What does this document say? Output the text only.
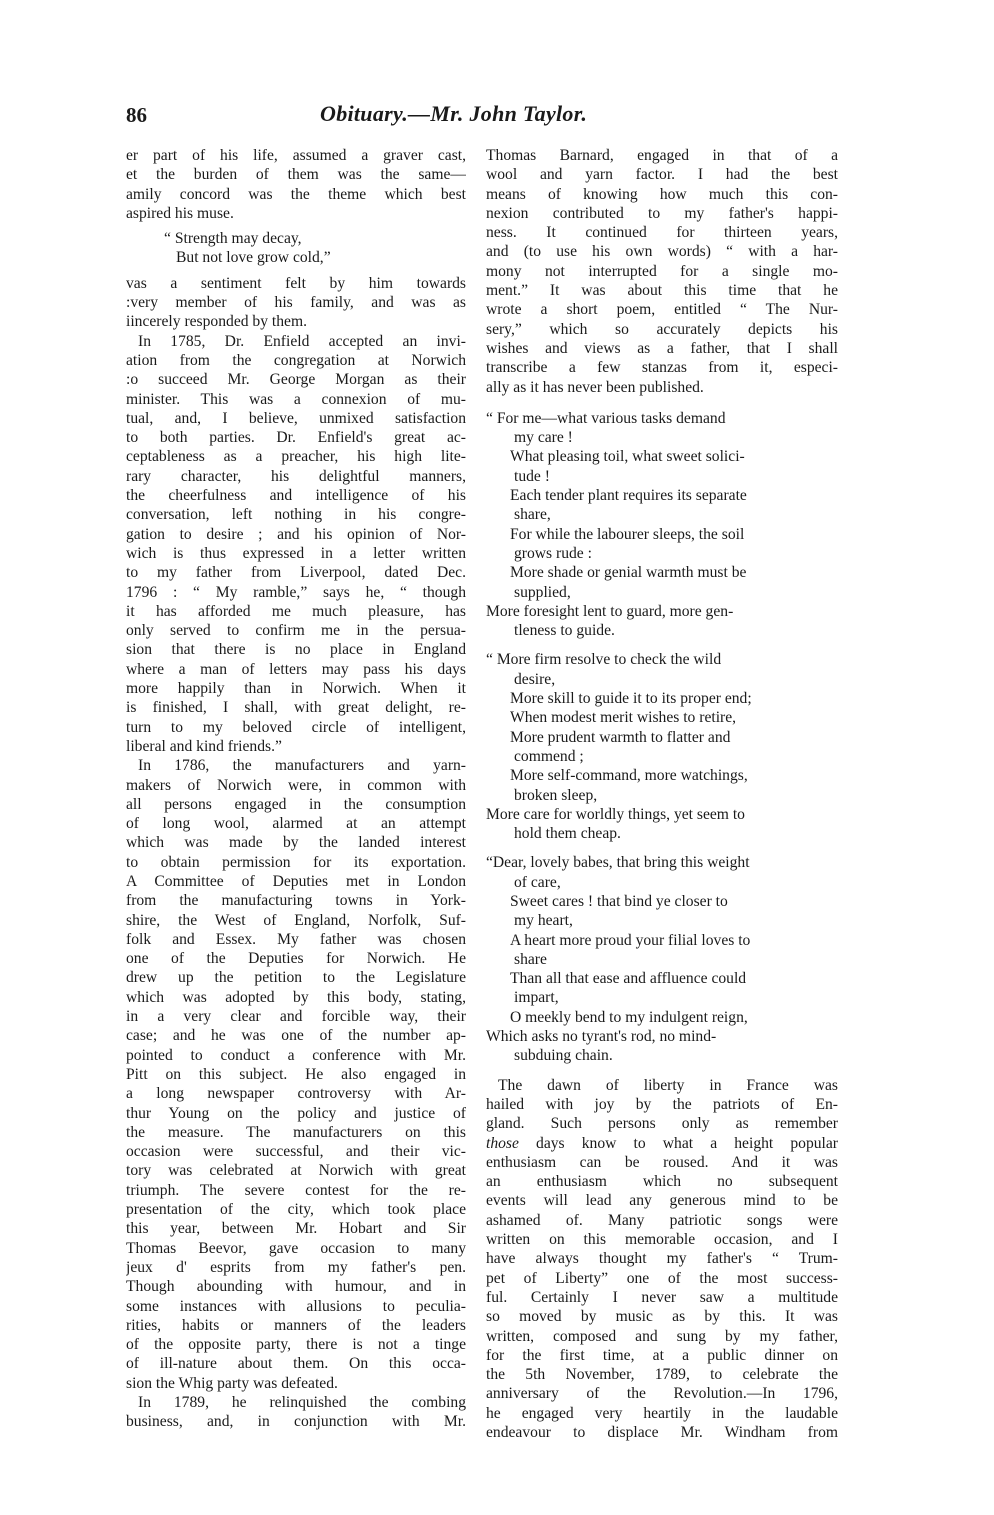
86	Obituary.—Mr. John Taylor.
er part of his life, assumed a graver cast,
et the burden of them was the same—
amily concord was the theme which best
aspired his muse.
“ Strength may decay,
But not love grow cold,”
vas a sentiment felt by him towards
:very member of his family, and was as
iincerely responded by them.
In 1785, Dr. Enfield accepted an invi-
ation from the congregation at Norwich
:o succeed Mr. George Morgan as their
minister. This was a connexion of mu-
tual, and, I believe, unmixed satisfaction
to both parties. Dr. Enfield's great ac-
ceptableness as a preacher, his high lite-
rary character, his delightful manners,
the cheerfulness and intelligence of his
conversation, left nothing in his congre-
gation to desire ; and his opinion of Nor-
wich is thus expressed in a letter written
to my father from Liverpool, dated Dec.
1796 : “ My ramble,” says he, “ though
it has afforded me much pleasure, has
only served to confirm me in the persua-
sion that there is no place in England
where a man of letters may pass his days
more happily than in Norwich. When it
is finished, I shall, with great delight, re-
turn to my beloved circle of intelligent,
liberal and kind friends.”
In 1786, the manufacturers and yarn-
makers of Norwich were, in common with
all persons engaged in the consumption
of long wool, alarmed at an attempt
which was made by the landed interest
to obtain permission for its exportation.
A Committee of Deputies met in London
from the manufacturing towns in York-
shire, the West of England, Norfolk, Suf-
folk and Essex. My father was chosen
one of the Deputies for Norwich. He
drew up the petition to the Legislature
which was adopted by this body, stating,
in a very clear and forcible way, their
case; and he was one of the number ap-
pointed to conduct a conference with Mr.
Pitt on this subject. He also engaged in
a long newspaper controversy with Ar-
thur Young on the policy and justice of
the measure. The manufacturers on this
occasion were successful, and their vic-
tory was celebrated at Norwich with great
triumph. The severe contest for the re-
presentation of the city, which took place
this year, between Mr. Hobart and Sir
Thomas Beevor, gave occasion to many
jeux d' esprits from my father's pen.
Though abounding with humour, and in
some instances with allusions to peculia-
rities, habits or manners of the leaders
of the opposite party, there is not a tinge
of ill-nature about them. On this occa-
sion the Whig party was defeated.
In 1789, he relinquished the combing
business, and, in conjunction with Mr.
Thomas Barnard, engaged in that of a
wool and yarn factor. I had the best
means of knowing how much this con-
nexion contributed to my father's happi-
ness. It continued for thirteen years,
and (to use his own words) “ with a har-
mony not interrupted for a single mo-
ment.” It was about this time that he
wrote a short poem, entitled “ The Nur-
sery,” which so accurately depicts his
wishes and views as a father, that I shall
transcribe a few stanzas from it, especi-
ally as it has never been published.
“ For me—what various tasks demand
my care !
What pleasing toil, what sweet solici-
tude !
Each tender plant requires its separate
share,
For while the labourer sleeps, the soil
grows rude :
More shade or genial warmth must be
supplied,
More foresight lent to guard, more gen-
tleness to guide.
“ More firm resolve to check the wild
desire,
More skill to guide it to its proper end;
When modest merit wishes to retire,
More prudent warmth to flatter and
commend ;
More self-command, more watchings,
broken sleep,
More care for worldly things, yet seem to
hold them cheap.
“Dear, lovely babes, that bring this weight
of care,
Sweet cares ! that bind ye closer to
my heart,
A heart more proud your filial loves to
share
Than all that ease and affluence could
impart,
O meekly bend to my indulgent reign,
Which asks no tyrant's rod, no mind-
subduing chain.
The dawn of liberty in France was
hailed with joy by the patriots of En-
gland. Such persons only as remember
those days know to what a height popular
enthusiasm can be roused. And it was
an enthusiasm which no subsequent
events will lead any generous mind to be
ashamed of. Many patriotic songs were
written on this memorable occasion, and I
have always thought my father's “ Trum-
pet of Liberty” one of the most success-
ful. Certainly I never saw a multitude
so moved by music as by this. It was
written, composed and sung by my father,
for the first time, at a public dinner on
the 5th November, 1789, to celebrate the
anniversary of the Revolution.—In 1796,
he engaged very heartily in the laudable
endeavour to displace Mr. Windham from
